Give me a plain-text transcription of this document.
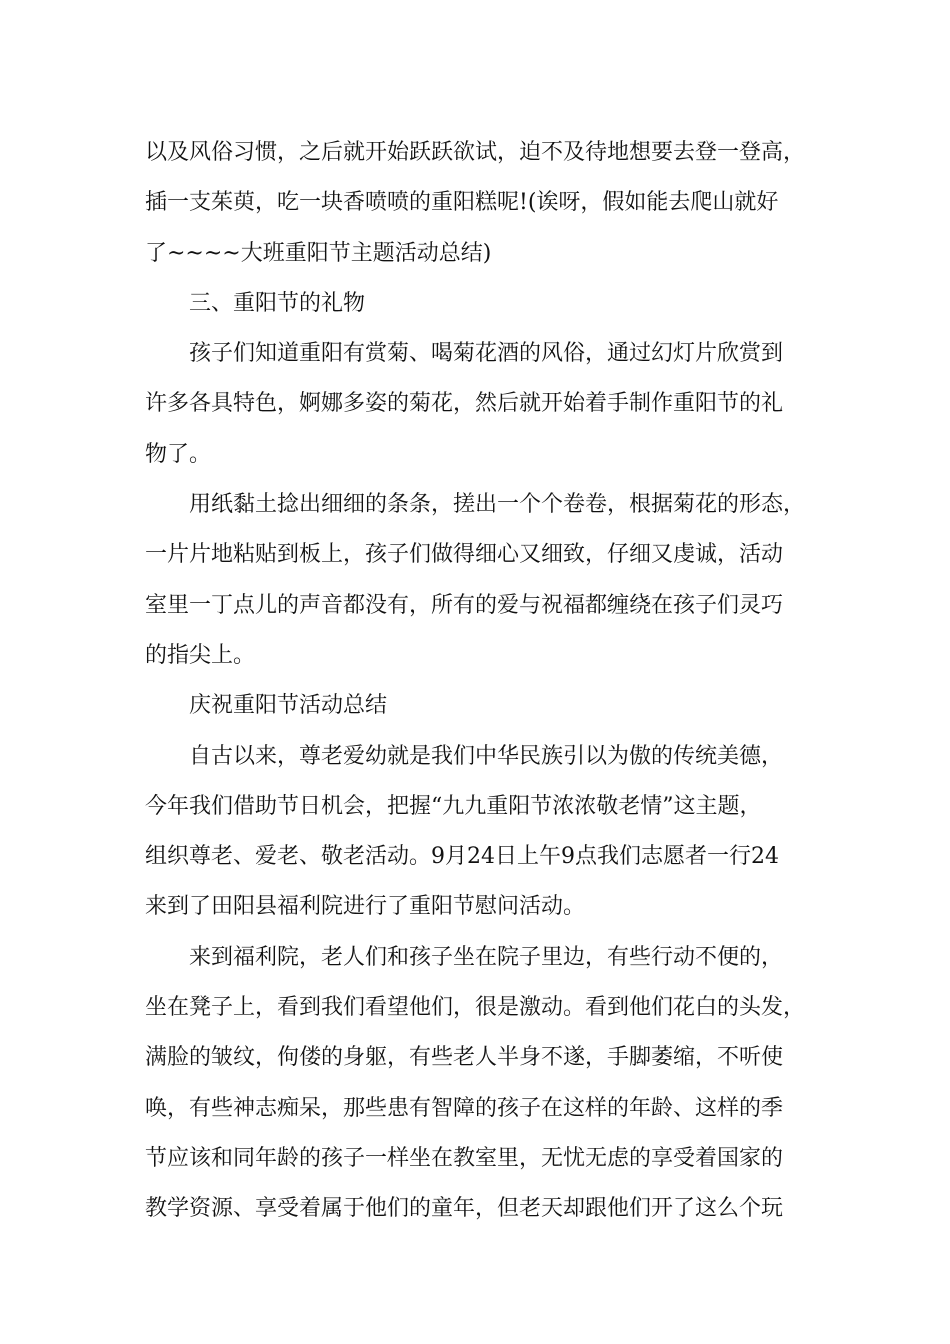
以及风俗习惯，之后就开始跃跃欲试，迫不及待地想要去登一登高，
插一支茱萸，吃一块香喷喷的重阳糕呢!(诶呀，假如能去爬山就好
了~~~~大班重阳节主题活动总结)
三、重阳节的礼物
孩子们知道重阳有赏菊、喝菊花酒的风俗，通过幻灯片欣赏到
许多各具特色，婀娜多姿的菊花，然后就开始着手制作重阳节的礼
物了。
用纸黏土捻出细细的条条，搓出一个个卷卷，根据菊花的形态，
一片片地粘贴到板上，孩子们做得细心又细致，仔细又虔诚，活动
室里一丁点儿的声音都没有，所有的爱与祝福都缠绕在孩子们灵巧
的指尖上。
庆祝重阳节活动总结
自古以来，尊老爱幼就是我们中华民族引以为傲的传统美德，
今年我们借助节日机会，把握“九九重阳节浓浓敬老情”这主题，
组织尊老、爱老、敬老活动。9月24日上午9点我们志愿者一行24
来到了田阳县福利院进行了重阳节慰问活动。
来到福利院，老人们和孩子坐在院子里边，有些行动不便的，
坐在凳子上，看到我们看望他们，很是激动。看到他们花白的头发，
满脸的皱纹，佝偻的身躯，有些老人半身不遂，手脚萎缩，不听使
唤，有些神志痴呆，那些患有智障的孩子在这样的年龄、这样的季
节应该和同年龄的孩子一样坐在教室里，无忧无虑的享受着国家的
教学资源、享受着属于他们的童年，但老天却跟他们开了这么个玩
